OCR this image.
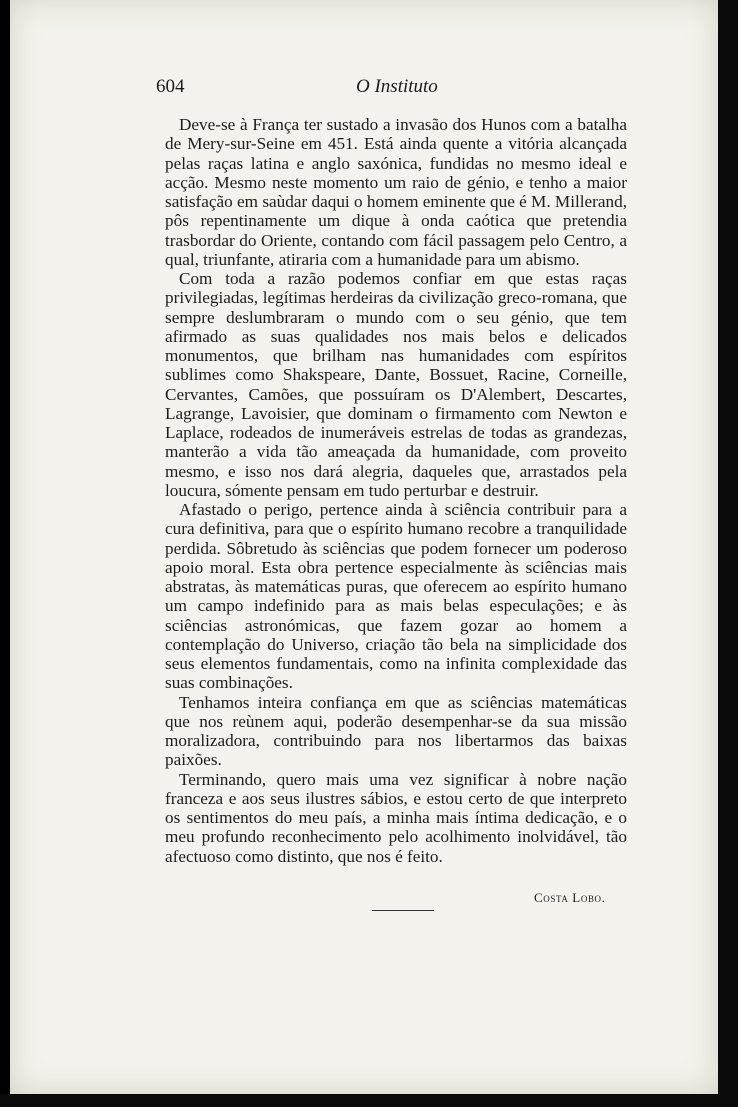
604	O Instituto

Deve-se à França ter sustado a invasão dos Hunos com a batalha de Mery-sur-Seine em 451. Está ainda quente a vitória alcançada pelas raças latina e anglo saxónica, fundidas no mesmo ideal e acção. Mesmo neste momento um raio de génio, e tenho a maior satisfação em saùdar daqui o homem eminente que é M. Millerand, pôs repentinamente um dique à onda caótica que pretendia trasbordar do Oriente, contando com fácil passagem pelo Centro, a qual, triunfante, atiraria com a humanidade para um abismo.

Com toda a razão podemos confiar em que estas raças privilegiadas, legítimas herdeiras da civilização greco-romana, que sempre deslumbraram o mundo com o seu génio, que tem afirmado as suas qualidades nos mais belos e delicados monumentos, que brilham nas humanidades com espíritos sublimes como Shakspeare, Dante, Bossuet, Racine, Corneille, Cervantes, Camões, que possuíram os D'Alembert, Descartes, Lagrange, Lavoisier, que dominam o firmamento com Newton e Laplace, rodeados de inumeráveis estrelas de todas as grandezas, manterão a vida tão ameaçada da humanidade, com proveito mesmo, e isso nos dará alegria, daqueles que, arrastados pela loucura, sómente pensam em tudo perturbar e destruir.

Afastado o perigo, pertence ainda à sciência contribuir para a cura definitiva, para que o espírito humano recobre a tranquilidade perdida. Sôbretudo às sciências que podem fornecer um poderoso apoio moral. Esta obra pertence especialmente às sciências mais abstratas, às matemáticas puras, que oferecem ao espírito humano um campo indefinido para as mais belas especulações; e às sciências astronómicas, que fazem gozar ao homem a contemplação do Universo, criação tão bela na simplicidade dos seus elementos fundamentais, como na infinita complexidade das suas combinações.

Tenhamos inteira confiança em que as sciências matemáticas que nos reùnem aqui, poderão desempenhar-se da sua missão moralizadora, contribuindo para nos libertarmos das baixas paixões.

Terminando, quero mais uma vez significar à nobre nação franceza e aos seus ilustres sábios, e estou certo de que interpreto os sentimentos do meu país, a minha mais íntima dedicação, e o meu profundo reconhecimento pelo acolhimento inolvidável, tão afectuoso como distinto, que nos é feito.

Costa Lobo.
